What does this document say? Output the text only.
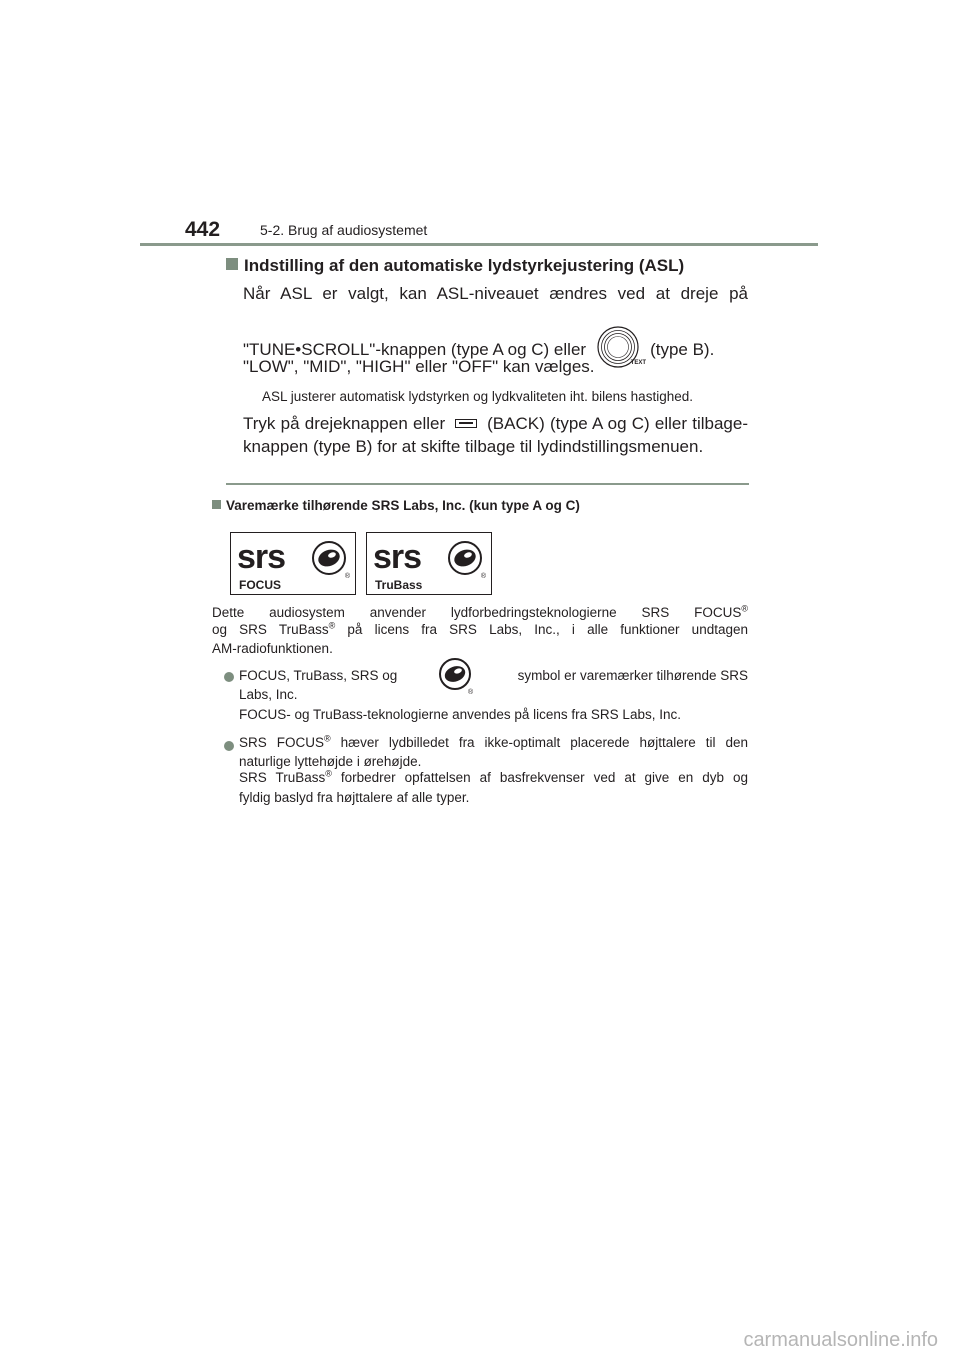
442	5-2. Brug af audiosystemet
Indstilling af den automatiske lydstyrkejustering (ASL)
Når ASL er valgt, kan ASL-niveauet ændres ved at dreje på
"TUNE•SCROLL"-knappen (type A og C) eller
TEXT
(type B).
"LOW", "MID", "HIGH" eller "OFF" kan vælges.
ASL justerer automatisk lydstyrken og lydkvaliteten iht. bilens hastighed.
Tryk på drejeknappen eller (BACK) (type A og C) eller tilbage-
knappen (type B) for at skifte tilbage til lydindstillingsmenuen.
Varemærke tilhørende SRS Labs, Inc. (kun type A og C)
srs
®
FOCUS
srs
®
TruBass
Dette audiosystem anvender lydforbedringsteknologierne SRS FOCUS®
og SRS TruBass® på licens fra SRS Labs, Inc., i alle funktioner undtagen
AM-radiofunktionen.
FOCUS, TruBass, SRS og
®
symbol er varemærker tilhørende SRS
Labs, Inc.
FOCUS- og TruBass-teknologierne anvendes på licens fra SRS Labs, Inc.
SRS FOCUS® hæver lydbilledet fra ikke-optimalt placerede højttalere til den
naturlige lyttehøjde i ørehøjde.
SRS TruBass® forbedrer opfattelsen af basfrekvenser ved at give en dyb og
fyldig baslyd fra højttalere af alle typer.
carmanualsonline.info
